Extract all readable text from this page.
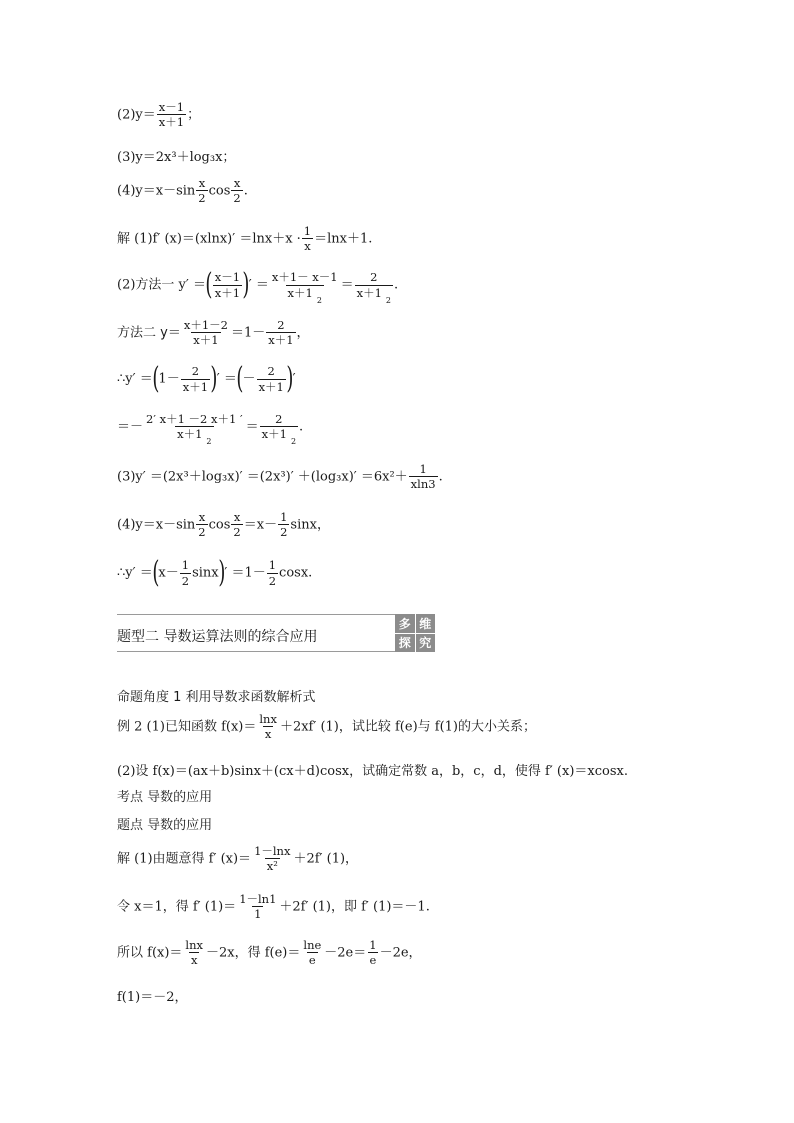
$(2)y= \frac{x-1}{x+1}$ ；
(3)y＝2x³＋log₃x；
$(4)y=x-\sin \frac{x}{2}$ $\cos \frac{x}{2}$ .
解 (1)f′ $(x)=(xlnx)' =\ln x+x \cdot \frac{1}{x} =\ln x+1$.
(2)方法一 y′ ＝( $\frac{x-1}{x+1}$ )′ ＝ $\frac{x+1- x-1}{x+1_2} = \frac{2}{x+1_2}$ .
方法二 $y= \frac{x+1-2}{x+1} =1- \frac{2}{x+1}$ ，
∴y′ $=(1- \frac{2}{x+1}$ )′ ＝(－ $\frac{2}{x+1}$ )′
＝－ $\frac{2' x+1 -2 x+1 '}{x+1_2} = \frac{2}{x+1_2}$ .
$(3)y' =(2x^3+\log_3x)' =(2x^3)' +(\log_3x)' =6x^2+ \frac{1}{xln3}$ .
$(4)y=x-\sin \frac{x}{2}$ $\cos \frac{x}{2} =x- \frac{1}{2}$ sinx，
∴y′ $=(x- \frac{1}{2} \sin x)' =1- \frac{1}{2} \cos x$.
题型二 导数运算法则的综合应用
多 维
探 究
命题角度 1 利用导数求函数解析式
例 2 (1)已知函数 $f(x)= \frac{\ln x}{x} +2xf'$ (1)，试比较 f(e)与 f(1)的大小关系；
(2)设 f(x)＝(ax＋b)sinx＋(cx＋d)cosx，试确定常数 a，b，c，d，使得 f′ (x)＝xcosx.
考点 导数的应用
题点 导数的应用
解 (1)由题意得 f′ $(x)= \frac{1-\ln x}{\text{x²}} +2f'$ (1)，
令 x＝1，得 f′ $(1)= \frac{1-\ln 1}{1} +2f'$ (1)，即 f′ (1)＝－1.
所以 $f(x)= \frac{\ln x}{x} -2x$，得 $f(e)= \frac{\ln e}{e} -2e= \frac{1}{e} -2e$，
f(1)＝－2，
